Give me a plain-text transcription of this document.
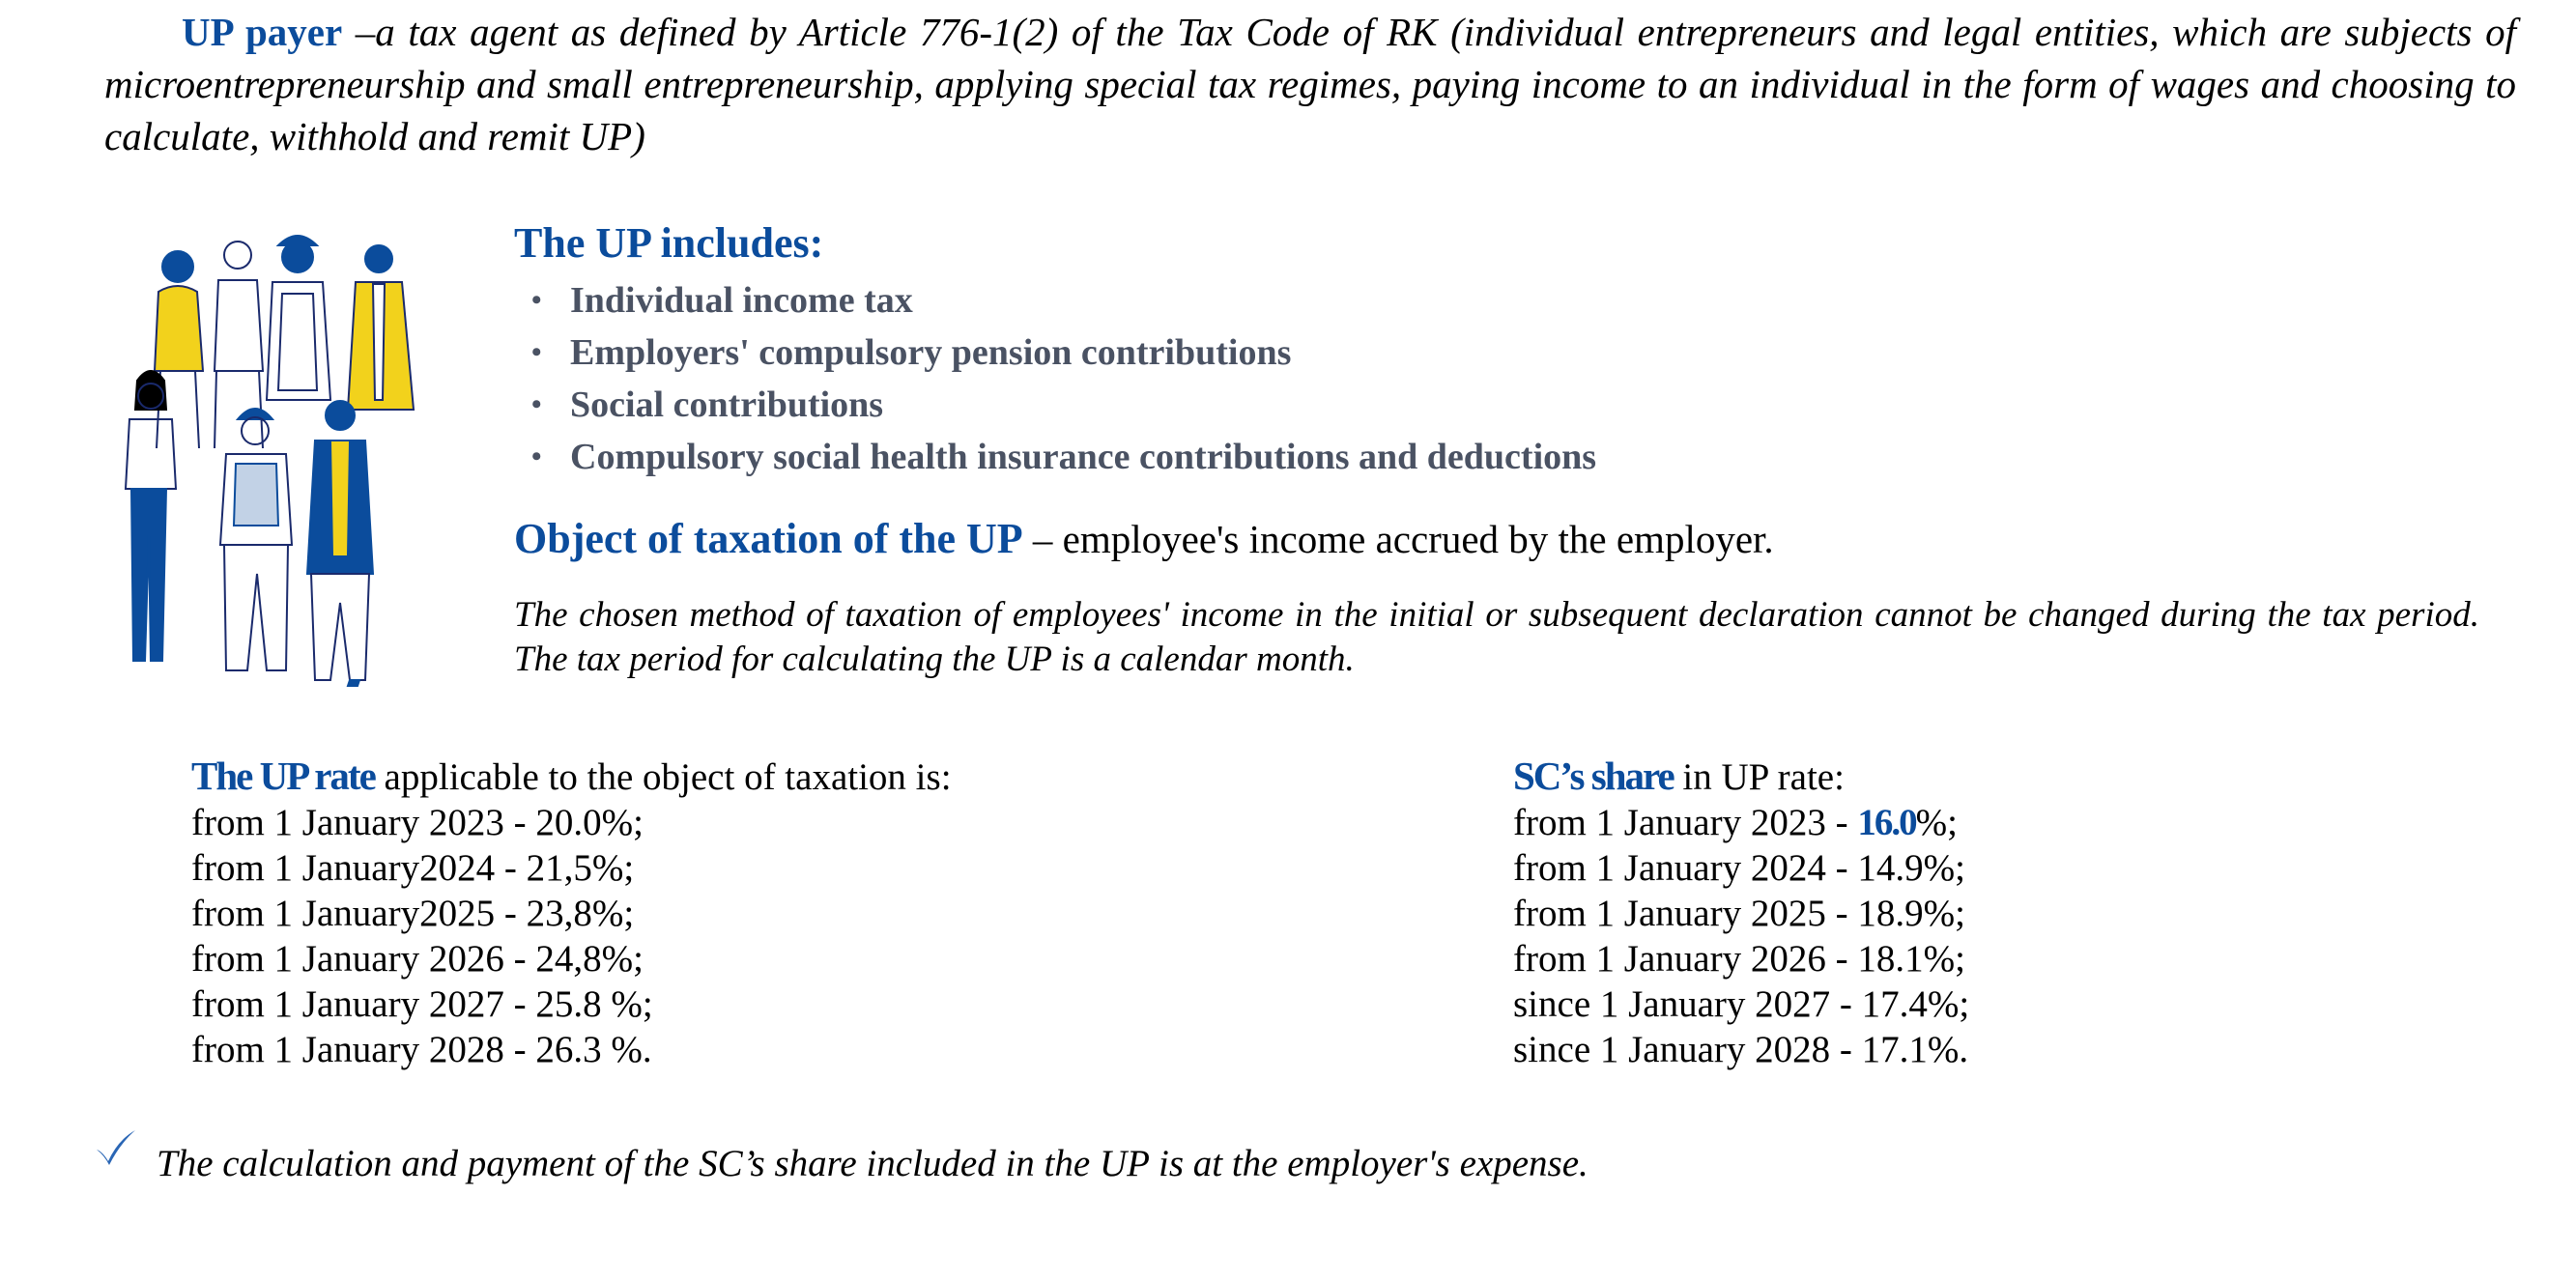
UP payer –a tax agent as defined by Article 776-1(2) of the Tax Code of RK (individual entrepreneurs and legal entities, which are subjects of microentrepreneurship and small entrepreneurship, applying special tax regimes, paying income to an individual in the form of wages and choosing to calculate, withhold and remit UP)
The UP includes:
• Individual income tax
• Employers' compulsory pension contributions
• Social contributions
• Compulsory social health insurance contributions and deductions
Object of taxation of the UP – employee's income accrued by the employer.
The chosen method of taxation of employees' income in the initial or subsequent declaration cannot be changed during the tax period. The tax period for calculating the UP is a calendar month.
The UP rate applicable to the object of taxation is:
from 1 January 2023 - 20.0%;
from 1 January2024 - 21,5%;
from 1 January2025 - 23,8%;
from 1 January 2026 - 24,8%;
from 1 January 2027 - 25.8 %;
from 1 January 2028 - 26.3 %.
SC’s share in UP rate:
from 1 January 2023 - 16.0%;
from 1 January 2024 - 14.9%;
from 1 January 2025 - 18.9%;
from 1 January 2026 - 18.1%;
since 1 January 2027 - 17.4%;
since 1 January 2028 - 17.1%.
The calculation and payment of the SC’s share included in the UP is at the employer's expense.
